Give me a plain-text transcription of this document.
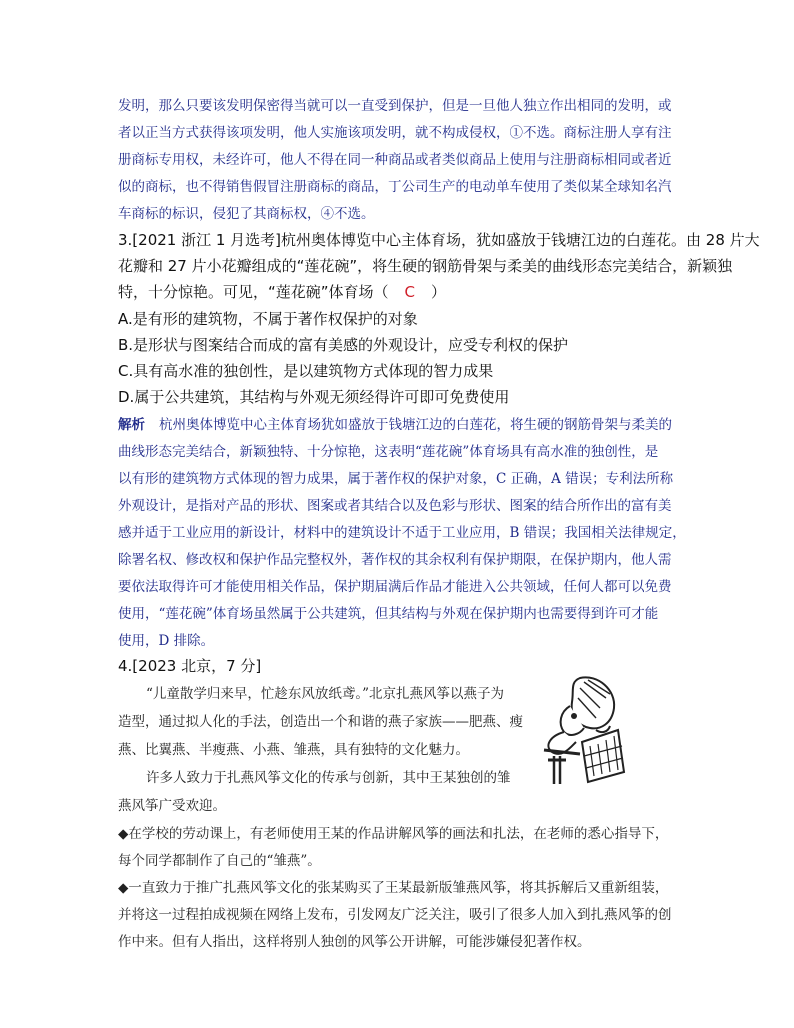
发明，那么只要该发明保密得当就可以一直受到保护，但是一旦他人独立作出相同的发明，或
者以正当方式获得该项发明，他人实施该项发明，就不构成侵权，①不选。商标注册人享有注
册商标专用权，未经许可，他人不得在同一种商品或者类似商品上使用与注册商标相同或者近
似的商标，也不得销售假冒注册商标的商品，丁公司生产的电动单车使用了类似某全球知名汽
车商标的标识，侵犯了其商标权，④不选。
3.[2021 浙江 1 月选考]杭州奥体博览中心主体育场，犹如盛放于钱塘江边的白莲花。由 28 片大
花瓣和 27 片小花瓣组成的“莲花碗”，将生硬的钢筋骨架与柔美的曲线形态完美结合，新颖独
特，十分惊艳。可见，“莲花碗”体育场（ C ）
A.是有形的建筑物，不属于著作权保护的对象
B.是形状与图案结合而成的富有美感的外观设计，应受专利权的保护
C.具有高水准的独创性，是以建筑物方式体现的智力成果
D.属于公共建筑，其结构与外观无须经得许可即可免费使用
解析 杭州奥体博览中心主体育场犹如盛放于钱塘江边的白莲花，将生硬的钢筋骨架与柔美的
曲线形态完美结合，新颖独特、十分惊艳，这表明“莲花碗”体育场具有高水准的独创性，是
以有形的建筑物方式体现的智力成果，属于著作权的保护对象，C 正确，A 错误；专利法所称
外观设计，是指对产品的形状、图案或者其结合以及色彩与形状、图案的结合所作出的富有美
感并适于工业应用的新设计，材料中的建筑设计不适于工业应用，B 错误；我国相关法律规定，
除署名权、修改权和保护作品完整权外，著作权的其余权利有保护期限，在保护期内，他人需
要依法取得许可才能使用相关作品，保护期届满后作品才能进入公共领域，任何人都可以免费
使用，“莲花碗”体育场虽然属于公共建筑，但其结构与外观在保护期内也需要得到许可才能
使用，D 排除。
4.[2023 北京，7 分]
“儿童散学归来早，忙趁东风放纸鸢。”北京扎燕风筝以燕子为
造型，通过拟人化的手法，创造出一个和谐的燕子家族——肥燕、瘦
燕、比翼燕、半瘦燕、小燕、雏燕，具有独特的文化魅力。
许多人致力于扎燕风筝文化的传承与创新，其中王某独创的雏
燕风筝广受欢迎。
◆在学校的劳动课上，有老师使用王某的作品讲解风筝的画法和扎法，在老师的悉心指导下，
每个同学都制作了自己的“雏燕”。
◆一直致力于推广扎燕风筝文化的张某购买了王某最新版雏燕风筝，将其拆解后又重新组装，
并将这一过程拍成视频在网络上发布，引发网友广泛关注，吸引了很多人加入到扎燕风筝的创
作中来。但有人指出，这样将别人独创的风筝公开讲解，可能涉嫌侵犯著作权。
